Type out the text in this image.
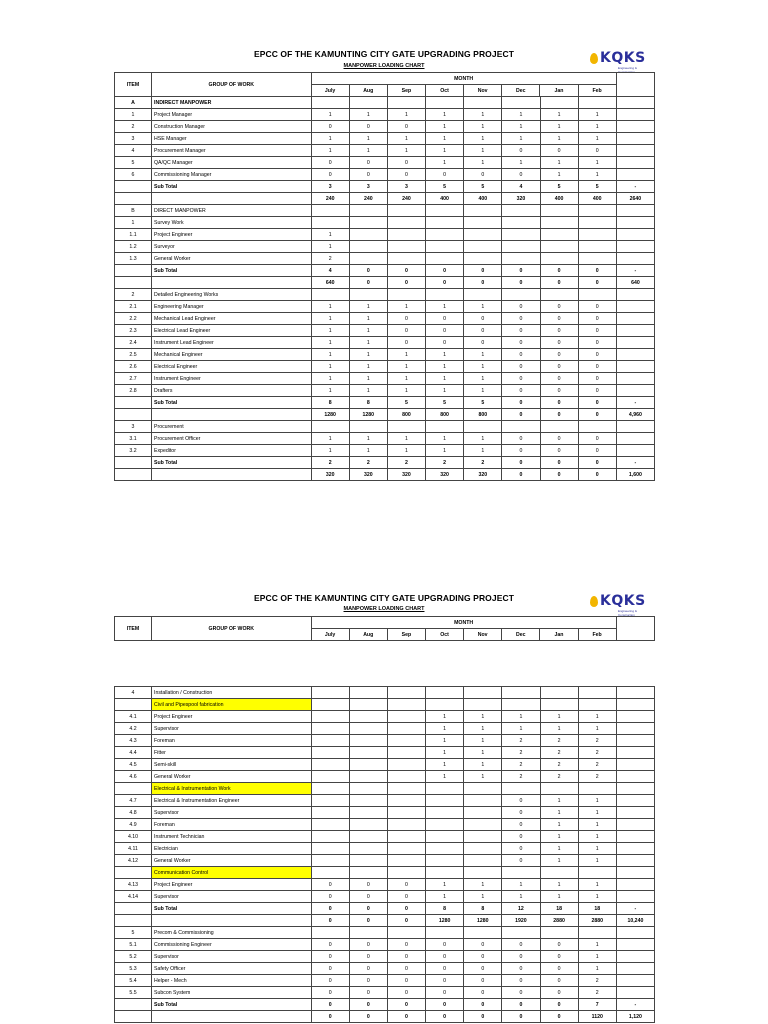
EPCC OF THE KAMUNTING CITY GATE UPGRADING PROJECT
MANPOWER LOADING CHART	KQKS
Engineering & Construction
ITEM	GROUP OF WORK	MONTH								
		July	Aug	Sep	Oct	Nov	Dec	Jan	Feb	
A	INDIRECT MANPOWER									
1	Project Manager	1	1	1	1	1	1	1	1	
2	Construction Manager	0	0	0	1	1	1	1	1	
3	HSE Manager	1	1	1	1	1	1	1	1	
4	Procurement Manager	1	1	1	1	1	0	0	0	
5	QA/QC Manager	0	0	0	1	1	1	1	1	
6	Commissioning Manager	0	0	0	0	0	0	1	1	
	Sub Total	3	3	3	5	5	4	5	5	-
		240	240	240	400	400	320	400	400	2640
B	DIRECT MANPOWER									
1	Survey Work									
1.1	Project Engineer	1								
1.2	Surveyor	1								
1.3	General Worker	2								
	Sub Total	4	0	0	0	0	0	0	0	-
		640	0	0	0	0	0	0	0	640
2	Detailed Engineering Works									
2.1	Engineering Manager	1	1	1	1	1	0	0	0	
2.2	Mechanical Lead Engineer	1	1	0	0	0	0	0	0	
2.3	Electrical Lead Engineer	1	1	0	0	0	0	0	0	
2.4	Instrument Lead Engineer	1	1	0	0	0	0	0	0	
2.5	Mechanical Engineer	1	1	1	1	1	0	0	0	
2.6	Electrical Engineer	1	1	1	1	1	0	0	0	
2.7	Instrument Engineer	1	1	1	1	1	0	0	0	
2.8	Drafters	1	1	1	1	1	0	0	0	
	Sub Total	8	8	5	5	5	0	0	0	-
		1280	1280	800	800	800	0	0	0	4,960
3	Procurement									
3.1	Procurement Officer	1	1	1	1	1	0	0	0	
3.2	Expeditor	1	1	1	1	1	0	0	0	
	Sub Total	2	2	2	2	2	0	0	0	-
		320	320	320	320	320	0	0	0	1,600
EPCC OF THE KAMUNTING CITY GATE UPGRADING PROJECT
MANPOWER LOADING CHART	KQKS
Engineering & Construction
ITEM	GROUP OF WORK	MONTH								
		July	Aug	Sep	Oct	Nov	Dec	Jan	Feb	
4	Installation / Construction									
	Civil and Pipespool fabrication									
4.1	Project Engineer				1	1	1	1	1	
4.2	Supervisor				1	1	1	1	1	
4.3	Foreman				1	1	2	2	2	
4.4	Fitter				1	1	2	2	2	
4.5	Semi-skill				1	1	2	2	2	
4.6	General Worker				1	1	2	2	2	
	Electrical & Instrumentation Work									
4.7	Electrical & Instrumentation Engineer						0	1	1	
4.8	Supervisor						0	1	1	
4.9	Foreman						0	1	1	
4.10	Instrument Technician						0	1	1	
4.11	Electrician						0	1	1	
4.12	General Worker						0	1	1	
	Communication Control									
4.13	Project Engineer	0	0	0	1	1	1	1	1	
4.14	Supervisor	0	0	0	1	1	1	1	1	
	Sub Total	0	0	0	8	8	12	18	18	-
		0	0	0	1280	1280	1920	2880	2880	10,240
5	Precom & Commissioning									
5.1	Commissioning Engineer	0	0	0	0	0	0	0	1	
5.2	Supervisor	0	0	0	0	0	0	0	1	
5.3	Safety Officer	0	0	0	0	0	0	0	1	
5.4	Helper - Mech	0	0	0	0	0	0	0	2	
5.5	Subcon System	0	0	0	0	0	0	0	2	
	Sub Total	0	0	0	0	0	0	0	7	-
		0	0	0	0	0	0	0	1120	1,120
